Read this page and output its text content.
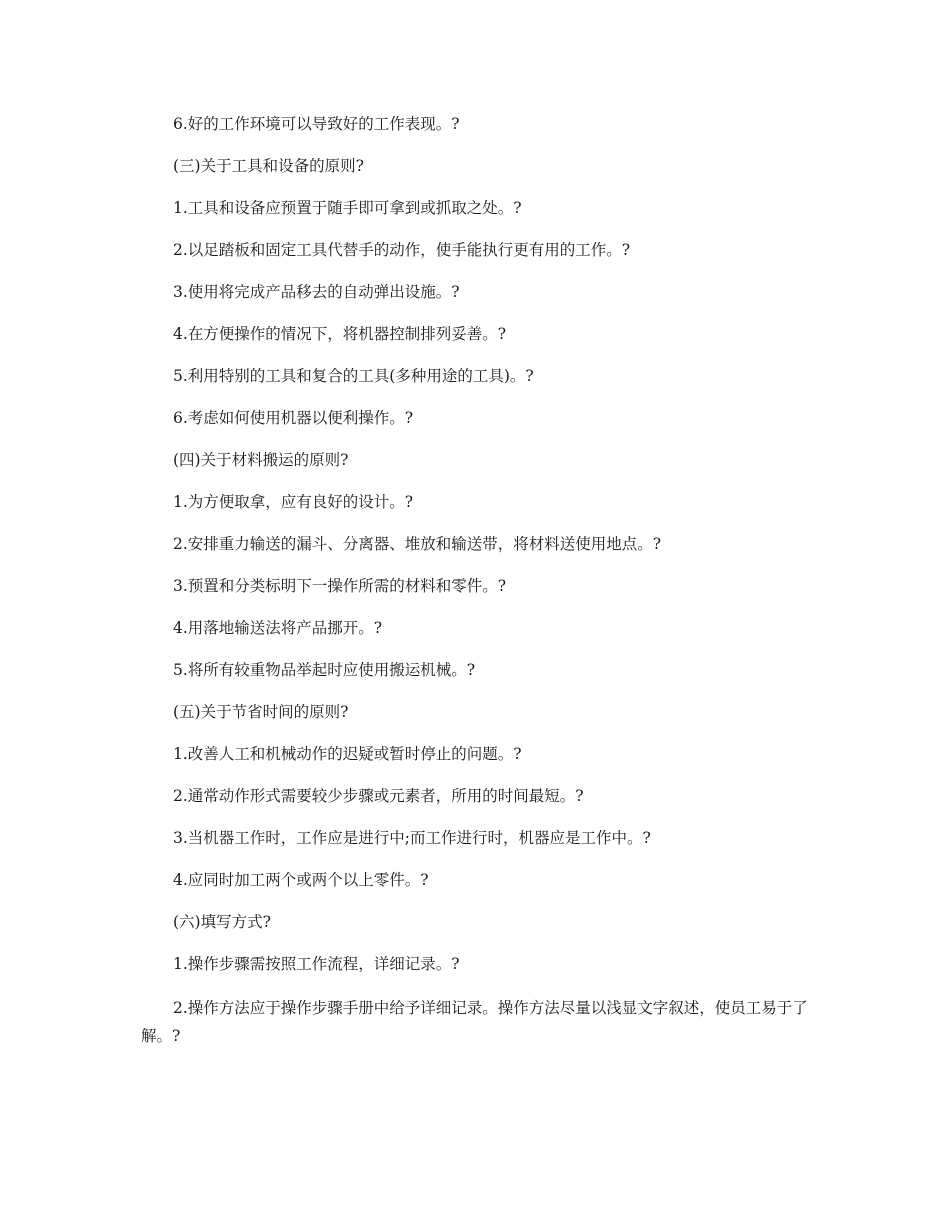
6.好的工作环境可以导致好的工作表现。?

(三)关于工具和设备的原则?

1.工具和设备应预置于随手即可拿到或抓取之处。?

2.以足踏板和固定工具代替手的动作，使手能执行更有用的工作。?

3.使用将完成产品移去的自动弹出设施。?

4.在方便操作的情况下，将机器控制排列妥善。?

5.利用特别的工具和复合的工具(多种用途的工具)。?

6.考虑如何使用机器以便利操作。?

(四)关于材料搬运的原则?

1.为方便取拿，应有良好的设计。?

2.安排重力输送的漏斗、分离器、堆放和输送带，将材料送使用地点。?

3.预置和分类标明下一操作所需的材料和零件。?

4.用落地输送法将产品挪开。?

5.将所有较重物品举起时应使用搬运机械。?

(五)关于节省时间的原则?

1.改善人工和机械动作的迟疑或暂时停止的问题。?

2.通常动作形式需要较少步骤或元素者，所用的时间最短。?

3.当机器工作时，工作应是进行中;而工作进行时，机器应是工作中。?

4.应同时加工两个或两个以上零件。?

(六)填写方式?

1.操作步骤需按照工作流程，详细记录。?

2.操作方法应于操作步骤手册中给予详细记录。操作方法尽量以浅显文字叙述，使员工易于了解。?
